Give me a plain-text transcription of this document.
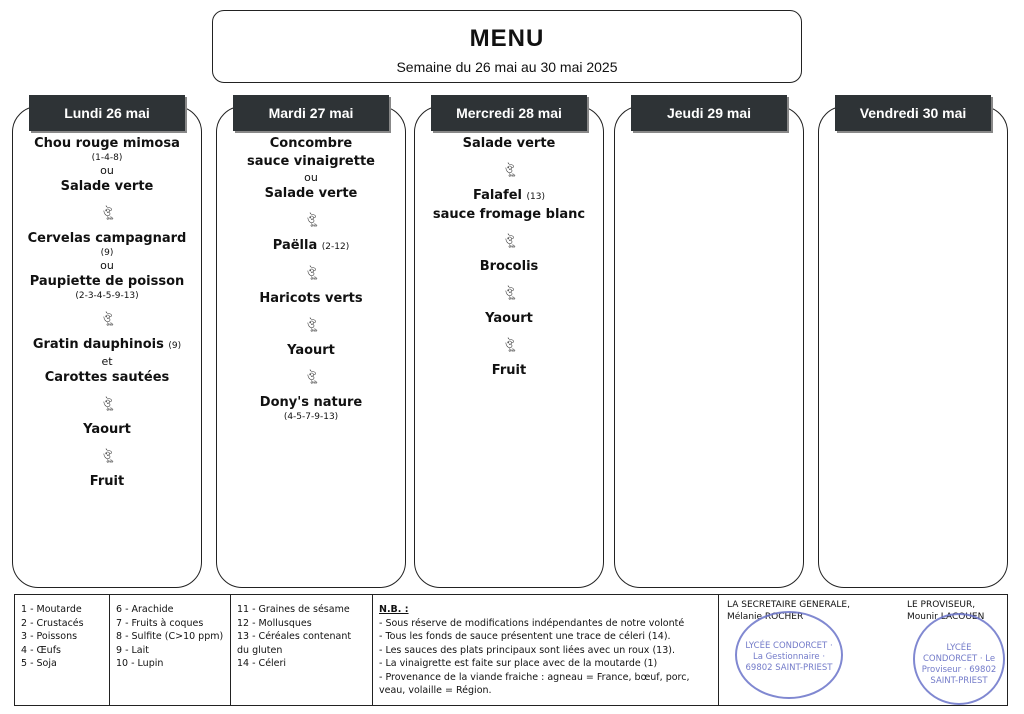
MENU
Semaine du 26 mai au 30 mai 2025
Lundi 26 mai
Chou rouge mimosa
(1-4-8)
ou
Salade verte
ঔৣ
Cervelas campagnard
(9)
ou
Paupiette de poisson
(2-3-4-5-9-13)
ঔৣ
Gratin dauphinois (9)
et
Carottes sautées
ঔৣ
Yaourt
ঔৣ
Fruit
Mardi 27 mai
Concombre
sauce vinaigrette
ou
Salade verte
ঔৣ
Paëlla (2-12)
ঔৣ
Haricots verts
ঔৣ
Yaourt
ঔৣ
Dony's nature
(4-5-7-9-13)
Mercredi 28 mai
Salade verte
ঔৣ
Falafel (13)
sauce fromage blanc
ঔৣ
Brocolis
ঔৣ
Yaourt
ঔৣ
Fruit
Jeudi 29 mai	Vendredi 30 mai
1 - Moutarde
2 - Crustacés
3 - Poissons
4 - Œufs
5 - Soja
6 - Arachide
7 - Fruits à coques
8 - Sulfite (C>10 ppm)
9 - Lait
10 - Lupin
11 - Graines de sésame
12 - Mollusques
13 - Céréales contenant du gluten
14 - Céleri
N.B. :
- Sous réserve de modifications indépendantes de notre volonté
- Tous les fonds de sauce présentent une trace de céleri (14).
- Les sauces des plats principaux sont liées avec un roux (13).
- La vinaigrette est faite sur place avec de la moutarde (1)
- Provenance de la viande fraiche : agneau = France, bœuf, porc, veau, volaille = Région.
LA SECRETAIRE GENERALE,
Mélanie ROCHER
LE PROVISEUR,
Mounir LACOUEN
LYCÉE CONDORCET · La Gestionnaire · 69802 SAINT-PRIEST
LYCÉE CONDORCET · Le Proviseur · 69802 SAINT-PRIEST
